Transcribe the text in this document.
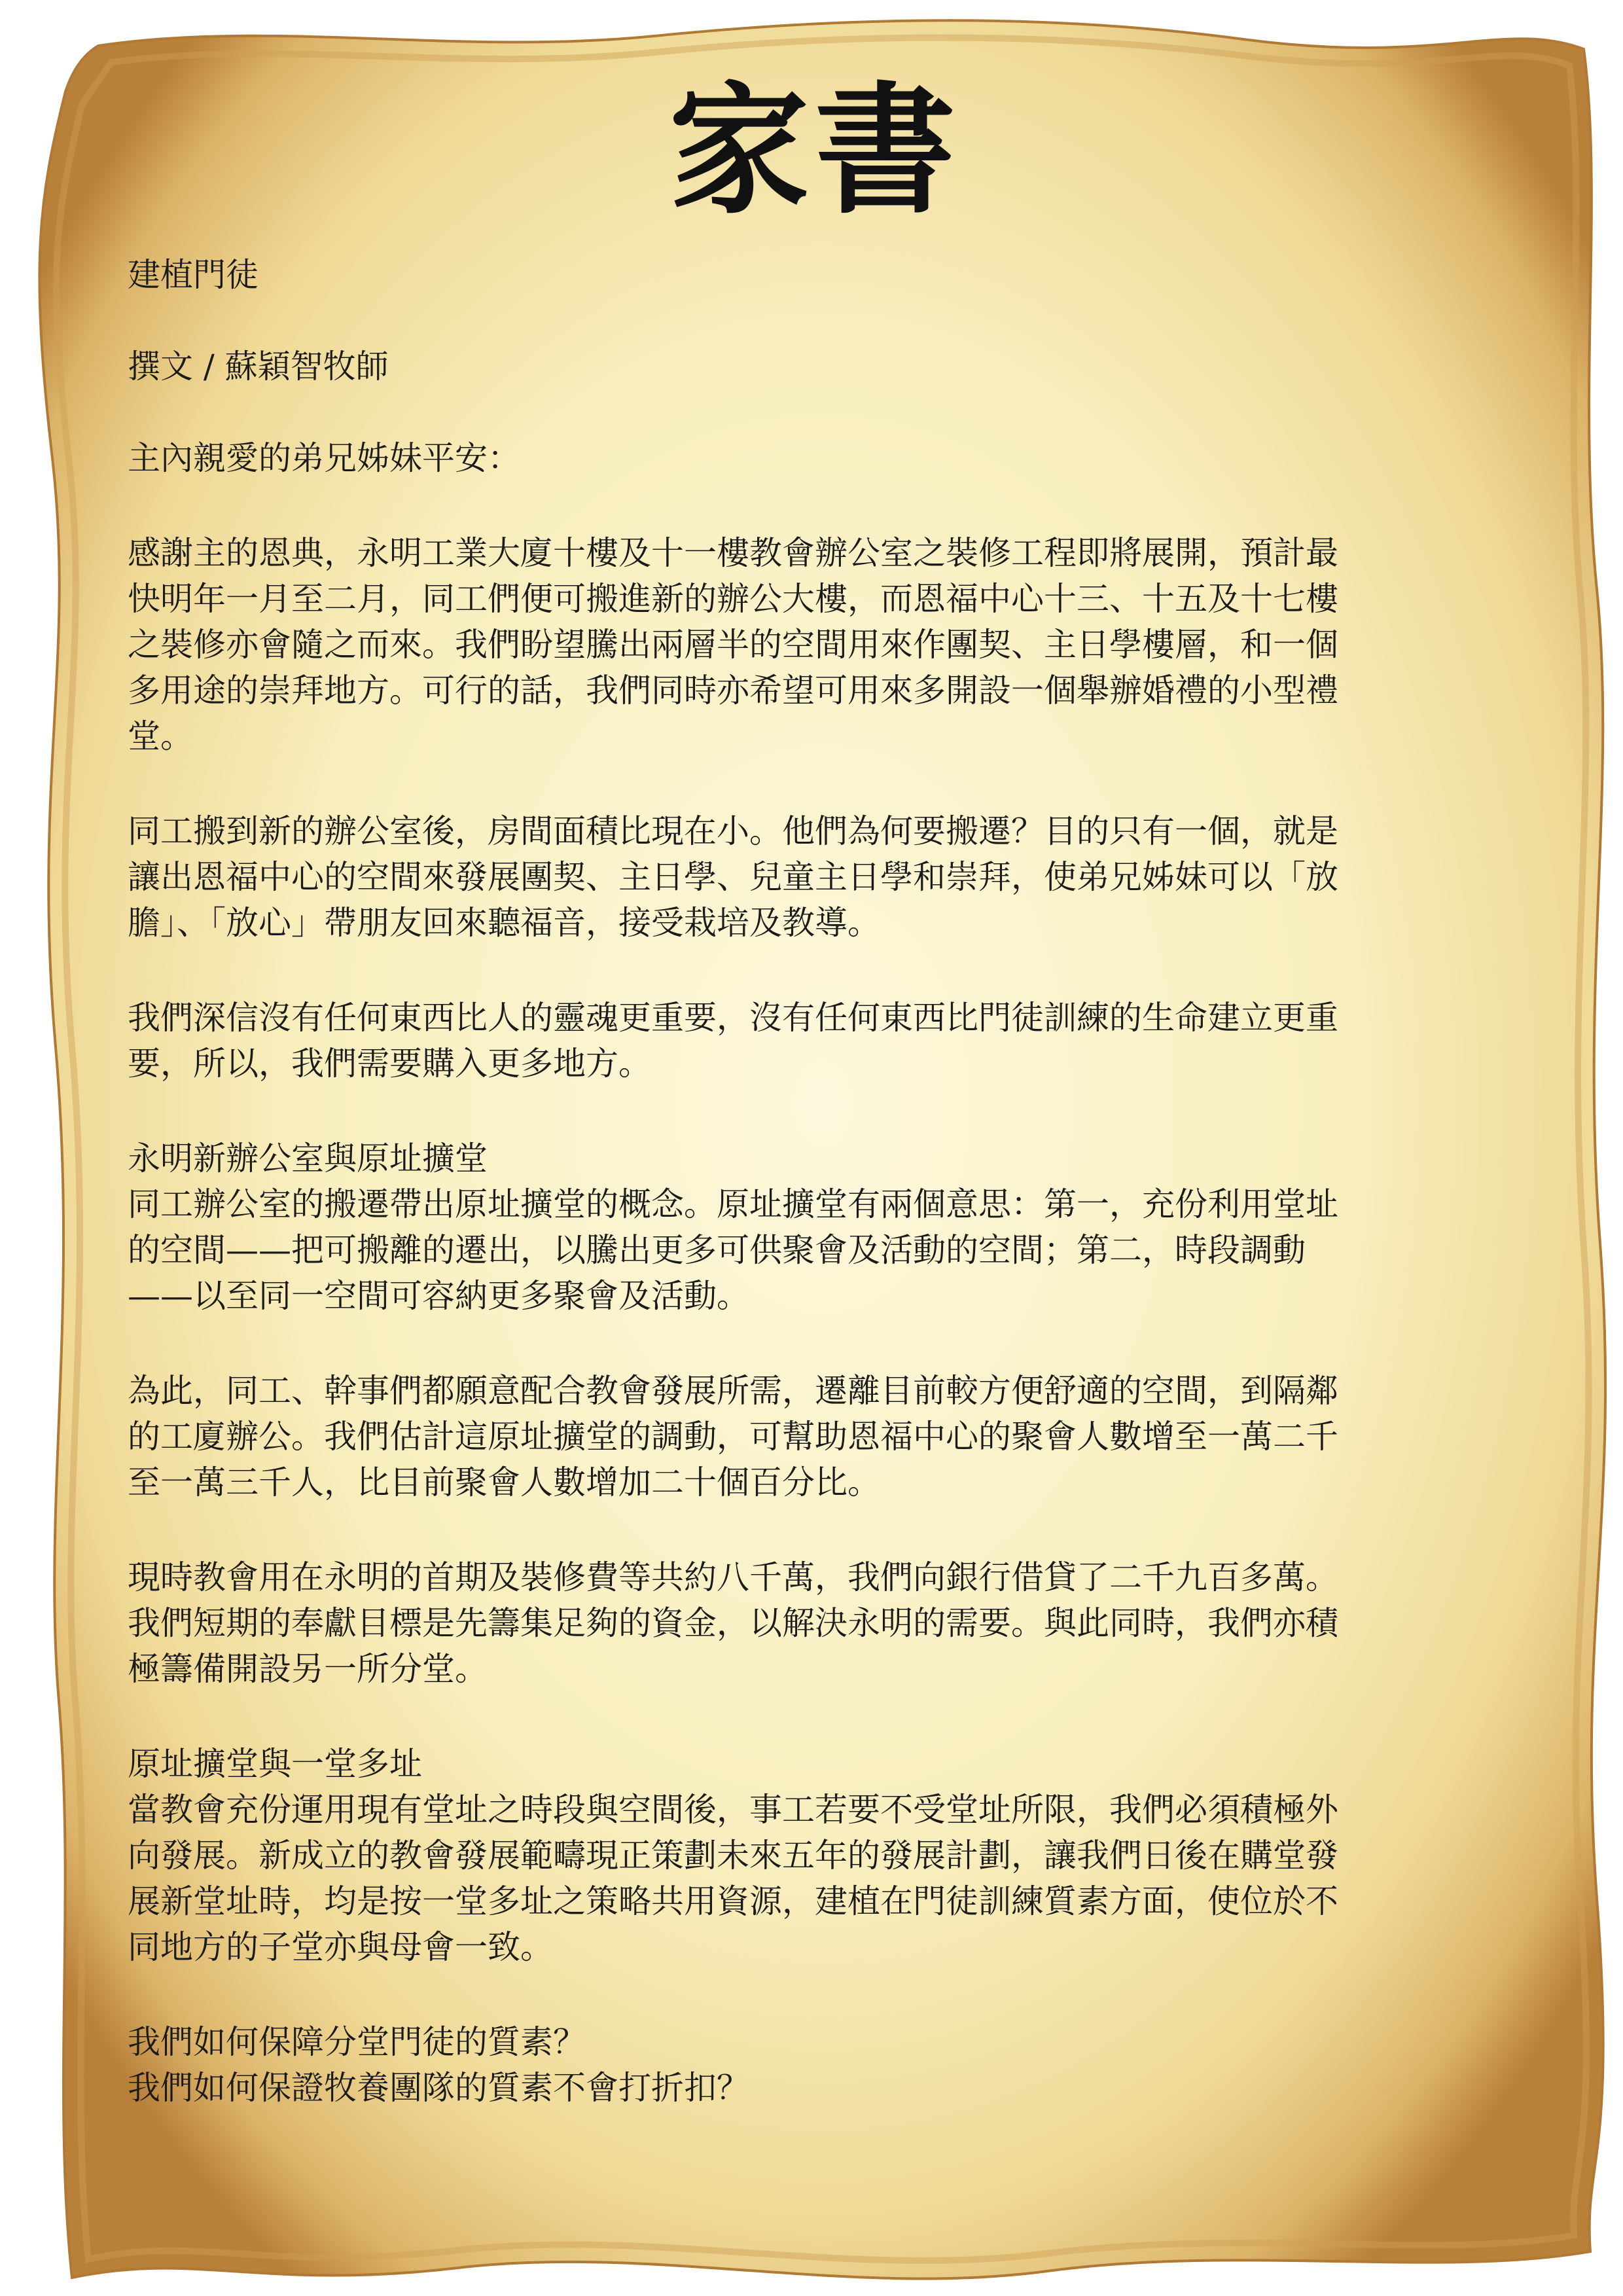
家書
建植門徒
撰文 / 蘇穎智牧師
主內親愛的弟兄姊妹平安：
感謝主的恩典，永明工業大廈十樓及十一樓教會辦公室之裝修工程即將展開，預計最
快明年一月至二月，同工們便可搬進新的辦公大樓，而恩福中心十三、十五及十七樓
之裝修亦會隨之而來。我們盼望騰出兩層半的空間用來作團契、主日學樓層，和一個
多用途的崇拜地方。可行的話，我們同時亦希望可用來多開設一個舉辦婚禮的小型禮
堂。
同工搬到新的辦公室後，房間面積比現在小。他們為何要搬遷？目的只有一個，就是
讓出恩福中心的空間來發展團契、主日學、兒童主日學和崇拜，使弟兄姊妹可以「放
膽」、「放心」帶朋友回來聽福音，接受栽培及教導。
我們深信沒有任何東西比人的靈魂更重要，沒有任何東西比門徒訓練的生命建立更重
要，所以，我們需要購入更多地方。
永明新辦公室與原址擴堂
同工辦公室的搬遷帶出原址擴堂的概念。原址擴堂有兩個意思：第一，充份利用堂址
的空間——把可搬離的遷出，以騰出更多可供聚會及活動的空間；第二，時段調動
——以至同一空間可容納更多聚會及活動。
為此，同工、幹事們都願意配合教會發展所需，遷離目前較方便舒適的空間，到隔鄰
的工廈辦公。我們估計這原址擴堂的調動，可幫助恩福中心的聚會人數增至一萬二千
至一萬三千人，比目前聚會人數增加二十個百分比。
現時教會用在永明的首期及裝修費等共約八千萬，我們向銀行借貸了二千九百多萬。
我們短期的奉獻目標是先籌集足夠的資金，以解決永明的需要。與此同時，我們亦積
極籌備開設另一所分堂。
原址擴堂與一堂多址
當教會充份運用現有堂址之時段與空間後，事工若要不受堂址所限，我們必須積極外
向發展。新成立的教會發展範疇現正策劃未來五年的發展計劃，讓我們日後在購堂發
展新堂址時，均是按一堂多址之策略共用資源，建植在門徒訓練質素方面，使位於不
同地方的子堂亦與母會一致。
我們如何保障分堂門徒的質素？
我們如何保證牧養團隊的質素不會打折扣？
